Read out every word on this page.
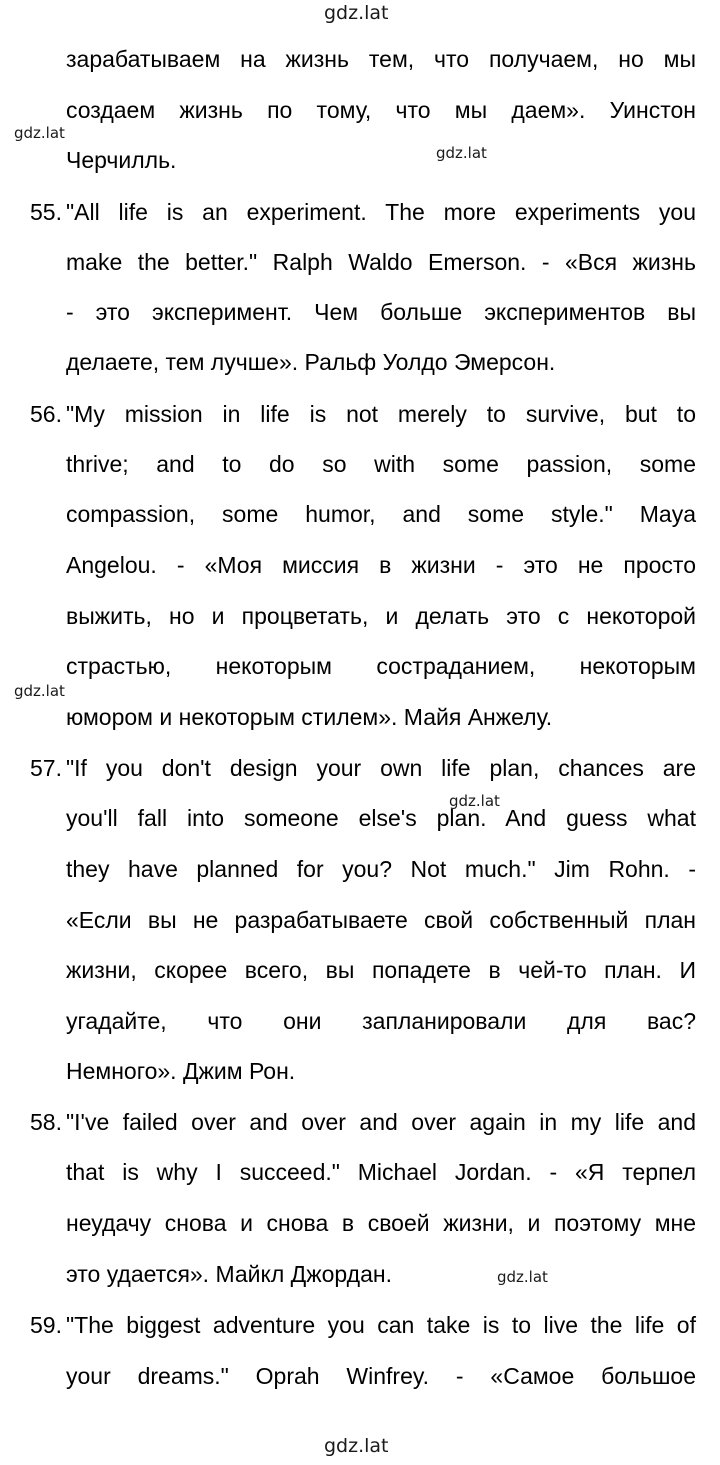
gdz.lat
gdz.lat
gdz.lat
gdz.lat
gdz.lat
gdz.lat
gdz.lat
зарабатываем на жизнь тем, что получаем, но мы
создаем жизнь по тому, что мы даем». Уинстон
Черчилль.
55. "All life is an experiment. The more experiments you
make the better." Ralph Waldo Emerson. - «Вся жизнь
- это эксперимент. Чем больше экспериментов вы
делаете, тем лучше». Ральф Уолдо Эмерсон.
56. "My mission in life is not merely to survive, but to
thrive; and to do so with some passion, some
compassion, some humor, and some style." Maya
Angelou. - «Моя миссия в жизни - это не просто
выжить, но и процветать, и делать это с некоторой
страстью, некоторым состраданием, некоторым
юмором и некоторым стилем». Майя Анжелу.
57. "If you don't design your own life plan, chances are
you'll fall into someone else's plan. And guess what
they have planned for you? Not much." Jim Rohn. -
«Если вы не разрабатываете свой собственный план
жизни, скорее всего, вы попадете в чей-то план. И
угадайте, что они запланировали для вас?
Немного». Джим Рон.
58. "I've failed over and over and over again in my life and
that is why I succeed." Michael Jordan. - «Я терпел
неудачу снова и снова в своей жизни, и поэтому мне
это удается». Майкл Джордан.
59. "The biggest adventure you can take is to live the life of
your dreams." Oprah Winfrey. - «Самое большое
